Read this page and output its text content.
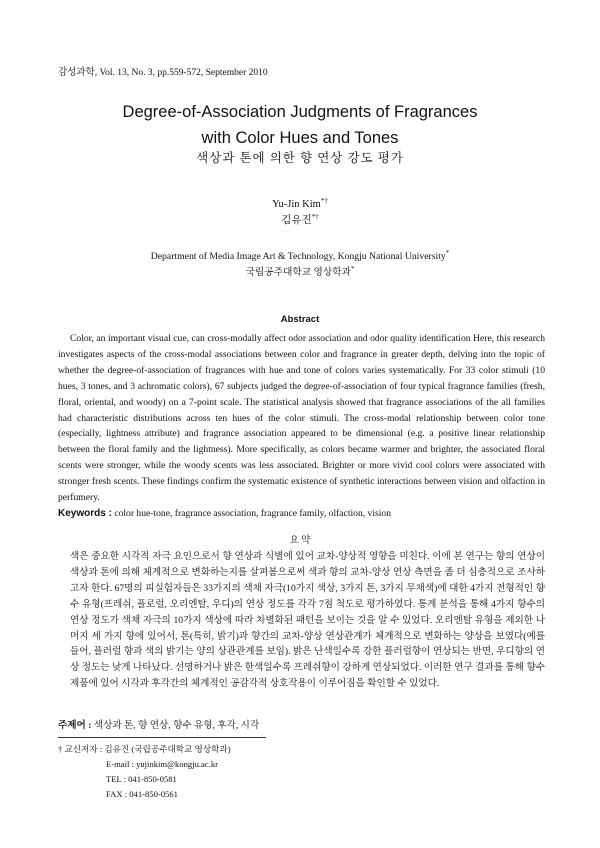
감성과학, Vol. 13, No. 3, pp.559-572, September 2010
Degree-of-Association Judgments of Fragrances
with Color Hues and Tones
색상과 톤에 의한 향 연상 강도 평가
Yu-Jin Kim*†
김유진*†
Department of Media Image Art & Technology, Kongju National University*
국립공주대학교 영상학과*
Abstract
Color, an important visual cue, can cross-modally affect odor association and odor quality identification Here, this research investigates aspects of the cross-modal associations between color and fragrance in greater depth, delving into the topic of whether the degree-of-association of fragrances with hue and tone of colors varies systematically. For 33 color stimuli (10 hues, 3 tones, and 3 achromatic colors), 67 subjects judged the degree-of-association of four typical fragrance families (fresh, floral, oriental, and woody) on a 7-point scale. The statistical analysis showed that fragrance associations of the all families had characteristic distributions across ten hues of the color stimuli. The cross-modal relationship between color tone (especially, lightness attribute) and fragrance association appeared to be dimensional (e.g. a positive linear relationship between the floral family and the lightness). More specifically, as colors became warmer and brighter, the associated floral scents were stronger, while the woody scents was less associated. Brighter or more vivid cool colors were associated with stronger fresh scents. These findings confirm the systematic existence of synthetic interactions between vision and olfaction in perfumery.
Keywords : color hue-tone, fragrance association, fragrance family, olfaction, vision
요 약
색은 중요한 시각적 자극 요인으로서 향 연상과 식별에 있어 교차-양상적 영향을 미친다. 이에 본 연구는 향의 연상이 색상과 톤에 의해 체계적으로 변화하는지를 살펴봄으로써 색과 향의 교차-양상 연상 측면을 좀 더 심층적으로 조사하고자 한다. 67명의 피실험자들은 33가지의 색채 자극(10가지 색상, 3가지 톤, 3가지 무채색)에 대한 4가지 전형적인 향수 유형(프레쉬, 플로럴, 오리엔탈, 우디)의 연상 정도를 각각 7점 척도로 평가하였다. 통계 분석을 통해 4가지 향수의 연상 정도가 색채 자극의 10가지 색상에 따라 차별화된 패턴을 보이는 것을 알 수 있었다. 오리엔탈 유형을 제외한 나머지 세 가지 향에 있어서, 톤(특히, 밝기)과 향간의 교차-양상 연상관계가 체계적으로 변화하는 양상을 보였다(예를 들어, 플러럴 향과 색의 밝기는 양의 상관관계를 보임). 밝은 난색일수록 강한 플러럴향이 연상되는 반면, 우디향의 연상 정도는 낮게 나타났다. 선명하거나 밝은 한색일수록 프레쉬향이 강하게 연상되었다. 이러한 연구 결과를 통해 향수제품에 있어 시각과 후각간의 체계적인 공감각적 상호작용이 이루어짐을 확인할 수 있었다.
주제어 : 색상과 톤, 향 연상, 향수 유형, 후각, 시각
† 교신저자 : 김유진 (국립공주대학교 영상학과)
E-mail : yujinkim@kongju.ac.kr
TEL : 041-850-0581
FAX : 041-850-0561
